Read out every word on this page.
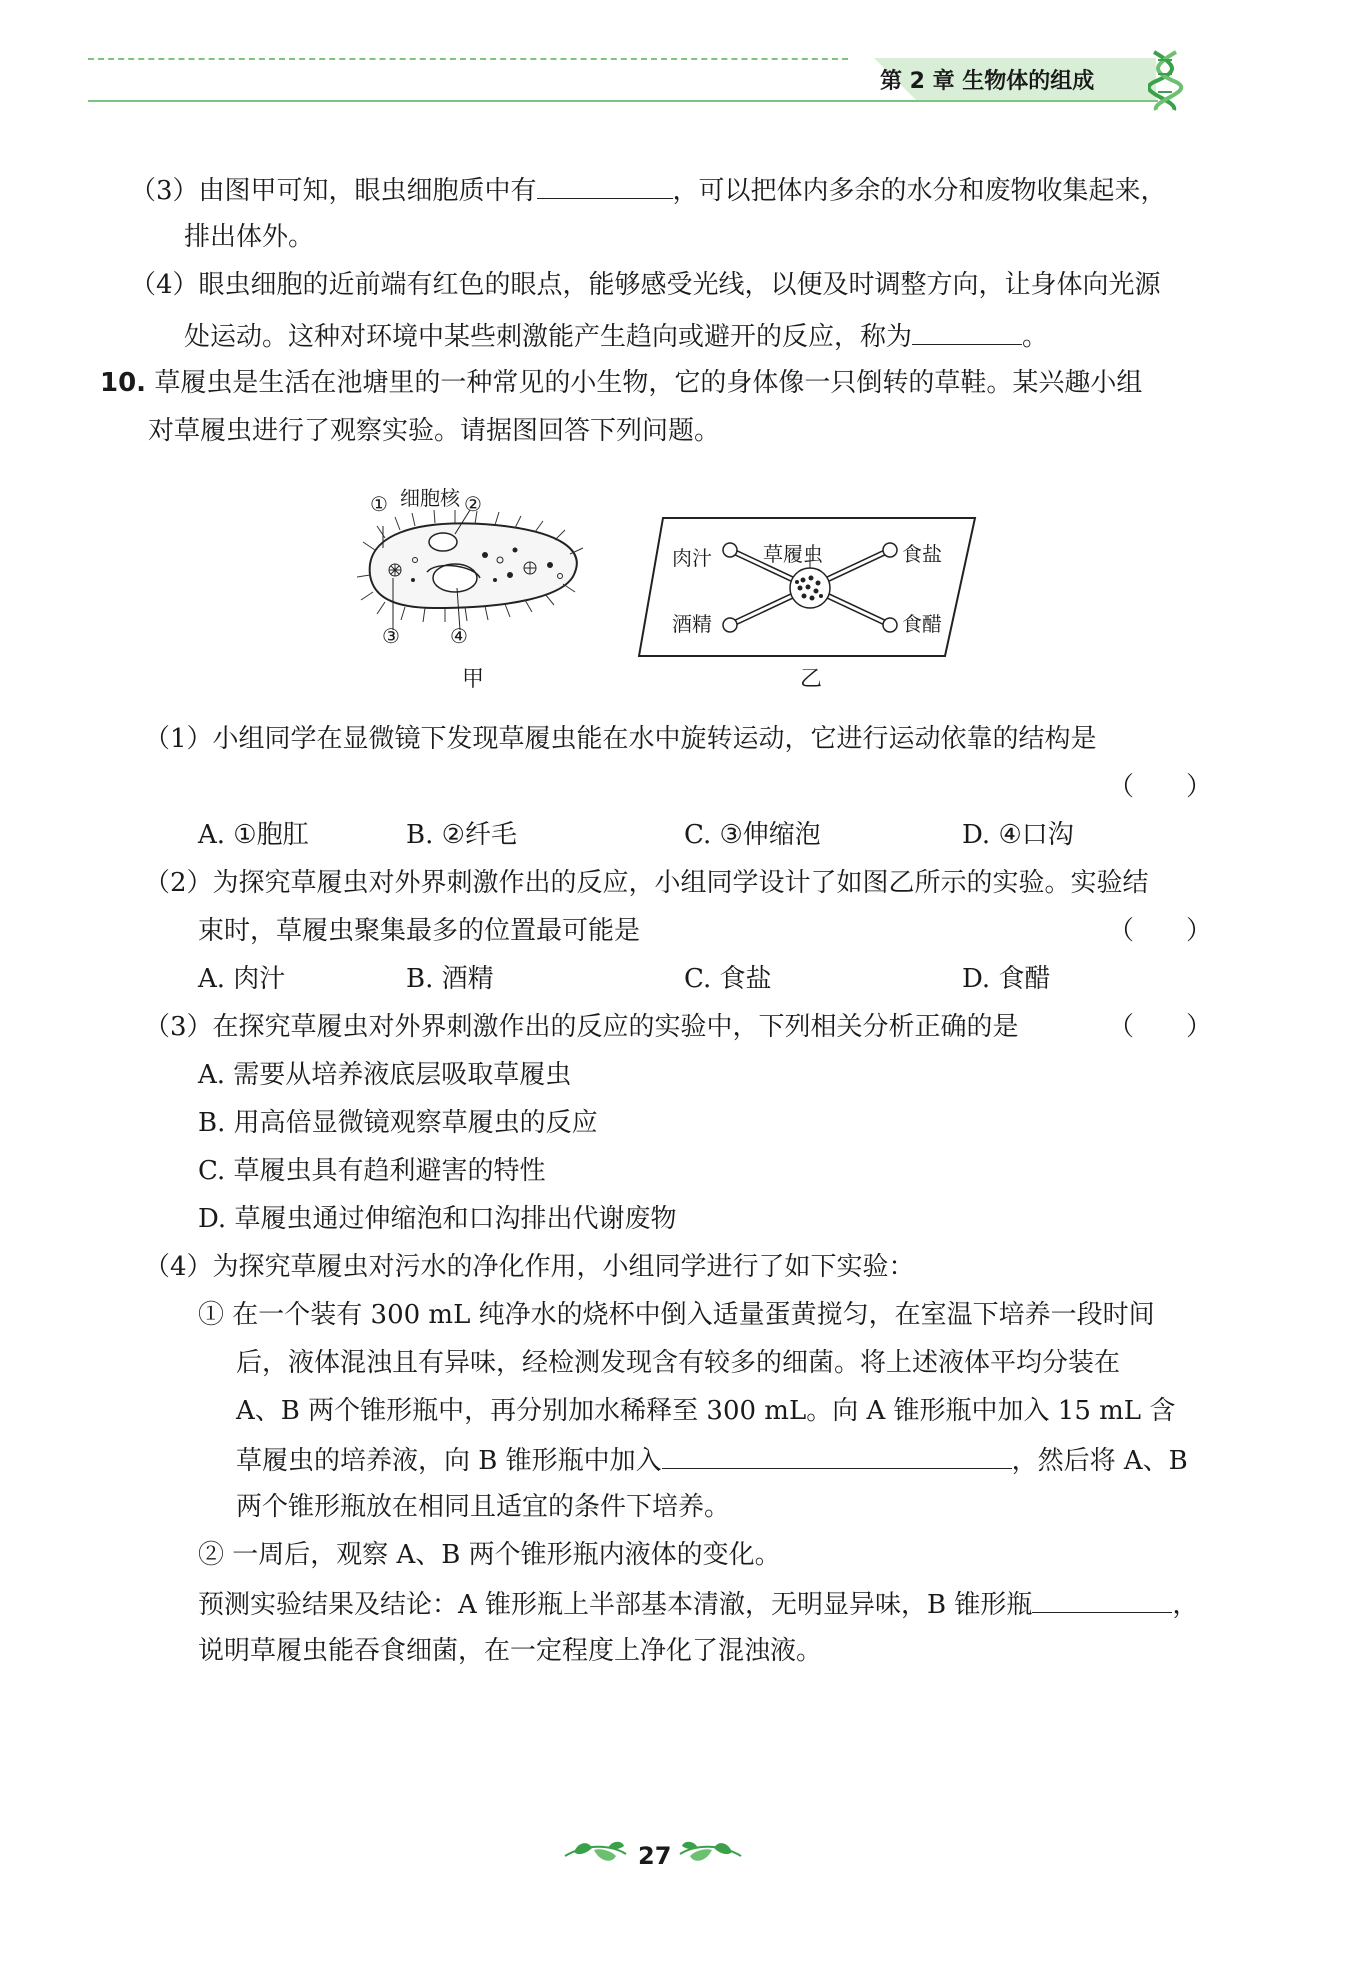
第 2 章 生物体的组成
（3）由图甲可知，眼虫细胞质中有	，可以把体内多余的水分和废物收集起来，
排出体外。
（4）眼虫细胞的近前端有红色的眼点，能够感受光线，以便及时调整方向，让身体向光源
处运动。这种对环境中某些刺激能产生趋向或避开的反应，称为	。
10. 草履虫是生活在池塘里的一种常见的小生物，它的身体像一只倒转的草鞋。某兴趣小组
对草履虫进行了观察实验。请据图回答下列问题。
① 细胞核 ②
③	④
甲
草履虫
肉汁	食盐
酒精	食醋
乙
（1）小组同学在显微镜下发现草履虫能在水中旋转运动，它进行运动依靠的结构是
（　　）
A. ①胞肛	B. ②纤毛	C. ③伸缩泡	D. ④口沟
（2）为探究草履虫对外界刺激作出的反应，小组同学设计了如图乙所示的实验。实验结
束时，草履虫聚集最多的位置最可能是	（　　）
A. 肉汁	B. 酒精	C. 食盐	D. 食醋
（3）在探究草履虫对外界刺激作出的反应的实验中，下列相关分析正确的是	（　　）
A. 需要从培养液底层吸取草履虫
B. 用高倍显微镜观察草履虫的反应
C. 草履虫具有趋利避害的特性
D. 草履虫通过伸缩泡和口沟排出代谢废物
（4）为探究草履虫对污水的净化作用，小组同学进行了如下实验：
① 在一个装有 300 mL 纯净水的烧杯中倒入适量蛋黄搅匀，在室温下培养一段时间
后，液体混浊且有异味，经检测发现含有较多的细菌。将上述液体平均分装在
A、B 两个锥形瓶中，再分别加水稀释至 300 mL。向 A 锥形瓶中加入 15 mL 含
草履虫的培养液，向 B 锥形瓶中加入	，然后将 A、B
两个锥形瓶放在相同且适宜的条件下培养。
② 一周后，观察 A、B 两个锥形瓶内液体的变化。
预测实验结果及结论：A 锥形瓶上半部基本清澈，无明显异味，B 锥形瓶	，
说明草履虫能吞食细菌，在一定程度上净化了混浊液。
27
